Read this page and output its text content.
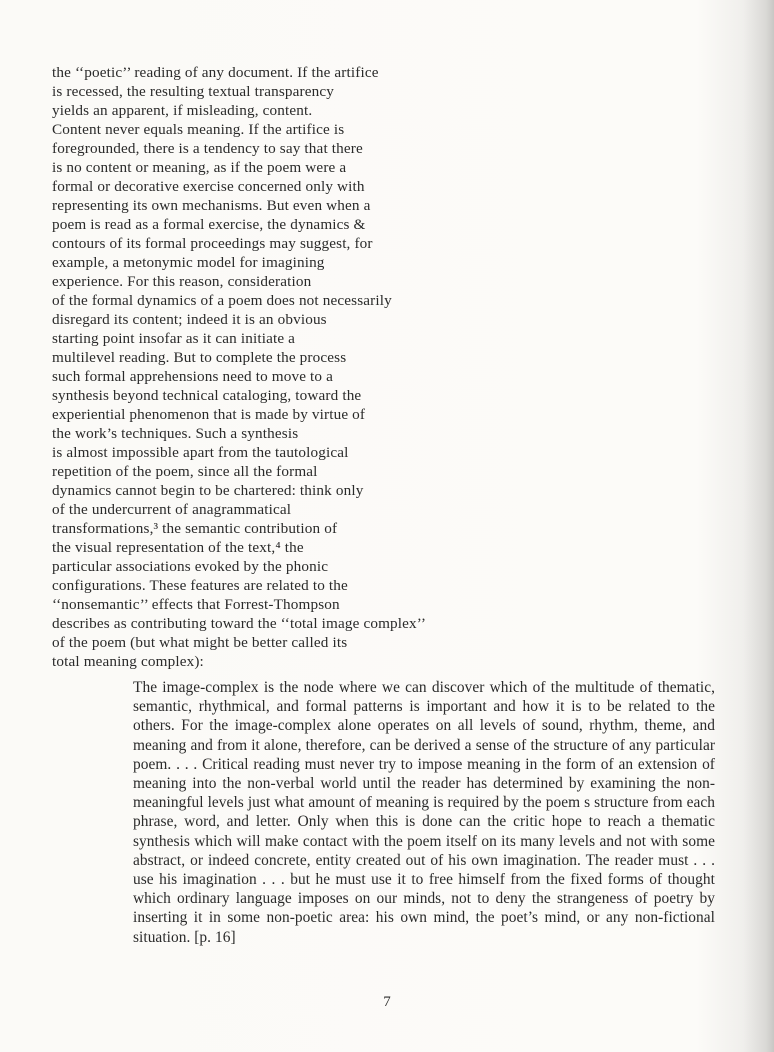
the ‘‘poetic’’ reading of any document. If the artifice
is recessed, the resulting textual transparency
yields an apparent, if misleading, content.
Content never equals meaning. If the artifice is
foregrounded, there is a tendency to say that there
is no content or meaning, as if the poem were a
formal or decorative exercise concerned only with
representing its own mechanisms. But even when a
poem is read as a formal exercise, the dynamics &
contours of its formal proceedings may suggest, for
example, a metonymic model for imagining
experience. For this reason, consideration
of the formal dynamics of a poem does not necessarily
disregard its content; indeed it is an obvious
starting point insofar as it can initiate a
multilevel reading. But to complete the process
such formal apprehensions need to move to a
synthesis beyond technical cataloging, toward the
experiential phenomenon that is made by virtue of
the work’s techniques. Such a synthesis
is almost impossible apart from the tautological
repetition of the poem, since all the formal
dynamics cannot begin to be chartered: think only
of the undercurrent of anagrammatical
transformations,³ the semantic contribution of
the visual representation of the text,⁴ the
particular associations evoked by the phonic
configurations. These features are related to the
‘‘nonsemantic’’ effects that Forrest-Thompson
describes as contributing toward the ‘‘total image complex’’
of the poem (but what might be better called its
total meaning complex):
The image-complex is the node where we can discover which of the multitude of thematic, semantic, rhythmical, and formal patterns is important and how it is to be related to the others. For the image-complex alone operates on all levels of sound, rhythm, theme, and meaning and from it alone, therefore, can be derived a sense of the structure of any particular poem. . . . Critical reading must never try to impose meaning in the form of an extension of meaning into the non-verbal world until the reader has determined by examining the non-meaningful levels just what amount of meaning is required by the poem s structure from each phrase, word, and letter. Only when this is done can the critic hope to reach a thematic synthesis which will make contact with the poem itself on its many levels and not with some abstract, or indeed concrete, entity created out of his own imagination. The reader must . . . use his imagination . . . but he must use it to free himself from the fixed forms of thought which ordinary language imposes on our minds, not to deny the strangeness of poetry by inserting it in some non-poetic area: his own mind, the poet’s mind, or any non-fictional situation. [p. 16]
7
